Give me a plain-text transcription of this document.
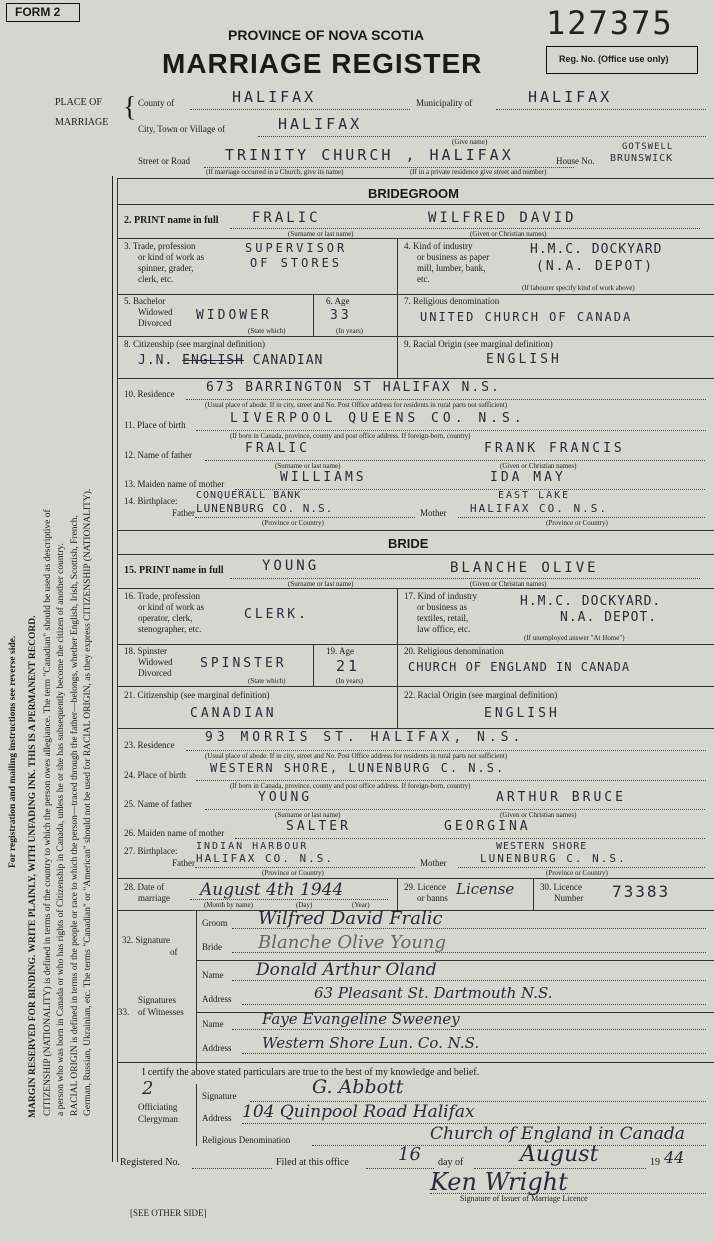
For registration and mailing instructions see reverse side. MARGIN RESERVED FOR BINDING. WRITE PLAINLY, WITH UNFADING INK. THIS IS A PERMANENT RECORD. CITIZENSHIP (NATIONALITY) is defined in terms of the country to which the person owes allegiance. The term "Canadian" should be used as descriptive of a person who was born in Canada or who has rights of Citizenship in Canada, unless he or she has subsequently become the citizen of another country. RACIAL ORIGIN is defined in terms of the people or race to which the person—traced through the father—belongs, whether English, Irish, Scottish, French, German, Russian, Ukrainian, etc. The terms "Canadian" or "American" should not be used for RACIAL ORIGIN, as they express CITIZENSHIP (NATIONALITY).
FORM 2
PROVINCE OF NOVA SCOTIA
MARRIAGE REGISTER
127375
Reg. No. (Office use only)
PLACE OF
MARRIAGE { County of	HALIFAX	Municipality of	HALIFAX
City, Town or Village of	HALIFAX
(Give name)
Street or Road TRINITY CHURCH , HALIFAX	House No.
GOTSWELL
BRUNSWICK
(If marriage occurred in a Church, give its name)	(If in a private residence give street and number)
BRIDEGROOM
2. PRINT name in full FRALIC	WILFRED DAVID
(Surname or last name)	(Given or Christian names)
3. Trade, profession
or kind of work as
spinner, grader,
clerk, etc.
SUPERVISOR
OF STORES
4. Kind of industry
or business as paper
mill, lumber, bank,
etc.
H.M.C. DOCKYARD
(N.A. DEPOT)
(If labourer specify kind of work above)
5. Bachelor
Widowed
Divorced WIDOWER
(State which)
6. Age
33
(In years)
7. Religious denomination
UNITED CHURCH OF CANADA
8. Citizenship (see marginal definition)
J.N. ENGLISH CANADIAN
9. Racial Origin (see marginal definition)
ENGLISH
10. Residence 673 BARRINGTON ST HALIFAX N.S.
(Usual place of abode. If in city, street and No. Post Office address for residents in rural parts not sufficient)
11. Place of birth	LIVERPOOL QUEENS CO. N.S.
(If born in Canada, province, county and post office address. If foreign-born, country)
12. Name of father	FRALIC	FRANK FRANCIS
(Surname or last name)	(Given or Christian names)
13. Maiden name of mother	WILLIAMS	IDA MAY
14. Birthplace:
Father
CONQUERALL BANK
LUNENBURG CO. N.S.	Mother
EAST LAKE
HALIFAX CO. N.S.
(Province or Country)	(Province or Country)
BRIDE
15. PRINT name in full	YOUNG	BLANCHE OLIVE
(Surname or last name)	(Given or Christian names)
16. Trade, profession
or kind of work as
operator, clerk,
stenographer, etc.
CLERK.
17. Kind of industry
or business as
textiles, retail,
law office, etc.
H.M.C. DOCKYARD.
N.A. DEPOT.
(If unemployed answer "At Home")
18. Spinster
Widowed
Divorced
SPINSTER
(State which)
19. Age
21
(In years)
20. Religious denomination
CHURCH OF ENGLAND IN CANADA
21. Citizenship (see marginal definition)
CANADIAN
22. Racial Origin (see marginal definition)
ENGLISH
23. Residence 93 MORRIS ST. HALIFAX, N.S.
(Usual place of abode. If in city, street and No. Post Office address for residents in rural parts not sufficient)
24. Place of birth WESTERN SHORE, LUNENBURG C. N.S.
(If born in Canada, province, county and post office address. If foreign-born, country)
25. Name of father	YOUNG	ARTHUR BRUCE
(Surname or last name)	(Given or Christian names)
26. Maiden name of mother	SALTER	GEORGINA
27. Birthplace:
Father
INDIAN HARBOUR
HALIFAX CO. N.S.	Mother
WESTERN SHORE
LUNENBURG C. N.S.
(Province or Country)	(Province or Country)
28. Date of
marriage August 4th 1944
(Month by name)	(Day)	(Year)
29. Licence
or banns License	30. Licence
Number 73383
32. Signature
of
Groom Wilfred David Fralic
Bride Blanche Olive Young
Signatures
of Witnesses
33.
Name Donald Arthur Oland
Address	63 Pleasant St. Dartmouth N.S.
Name	Faye Evangeline Sweeney
Address Western Shore Lun. Co. N.S.
I certify the above stated particulars are true to the best of my knowledge and belief.
2
Officiating
Clergyman
Signature	G. Abbott
Address 104 Quinpool Road Halifax
Religious Denomination	Church of England in Canada
Registered No.	Filed at this office	16 day of	August	19 44
Ken Wright
Signature of Issuer of Marriage Licence
[SEE OTHER SIDE]
